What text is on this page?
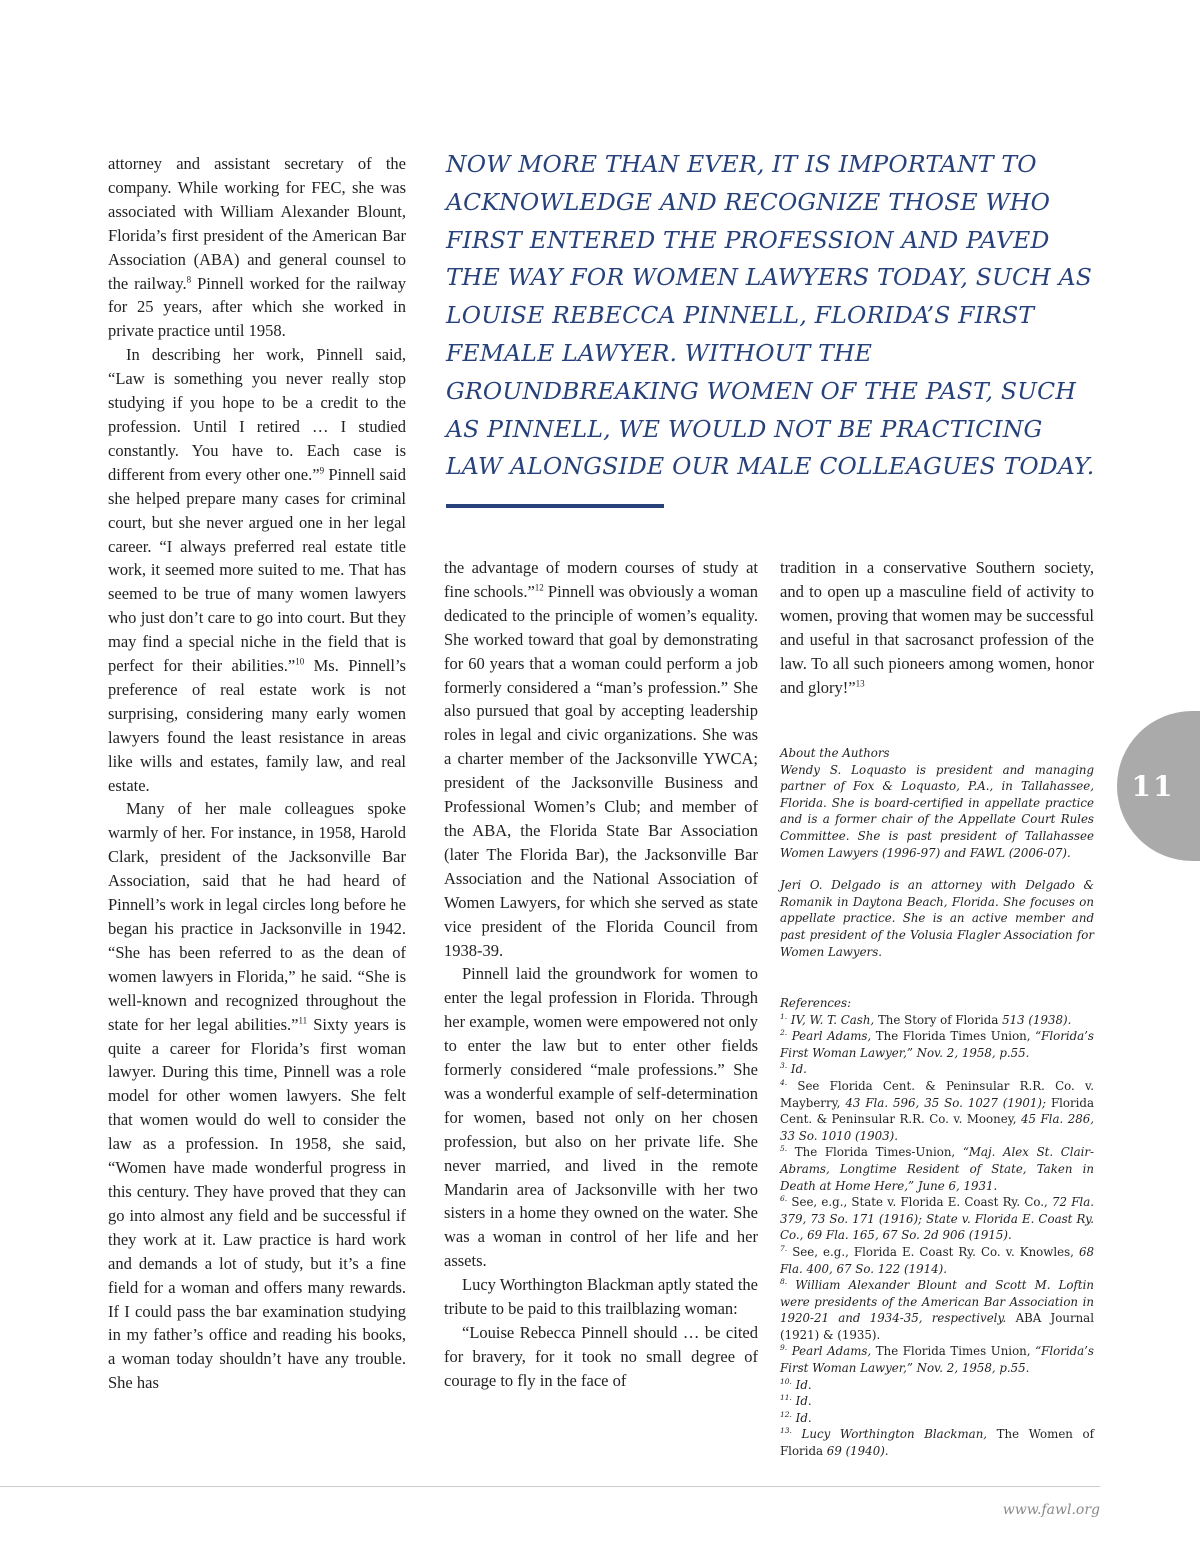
attorney and assistant secretary of the company. While working for FEC, she was associated with William Alexander Blount, Florida’s first president of the American Bar Association (ABA) and general counsel to the railway.$^8$ Pinnell worked for the railway for 25 years, after which she worked in private practice until 1958.

In describing her work, Pinnell said, “Law is something you never really stop studying if you hope to be a credit to the profession. Until I retired … I studied constantly. You have to. Each case is different from every other one.”$^9$ Pinnell said she helped prepare many cases for criminal court, but she never argued one in her legal career. “I always preferred real estate title work, it seemed more suited to me. That has seemed to be true of many women lawyers who just don’t care to go into court. But they may find a special niche in the field that is perfect for their abilities.”$^{10}$ Ms. Pinnell’s preference of real estate work is not surprising, considering many early women lawyers found the least resistance in areas like wills and estates, family law, and real estate.

Many of her male colleagues spoke warmly of her. For instance, in 1958, Harold Clark, president of the Jacksonville Bar Association, said that he had heard of Pinnell’s work in legal circles long before he began his practice in Jacksonville in 1942. “She has been referred to as the dean of women lawyers in Florida,” he said. “She is well-known and recognized throughout the state for her legal abilities.”$^{11}$ Sixty years is quite a career for Florida’s first woman lawyer. During this time, Pinnell was a role model for other women lawyers. She felt that women would do well to consider the law as a profession. In 1958, she said, “Women have made wonderful progress in this century. They have proved that they can go into almost any field and be successful if they work at it. Law practice is hard work and demands a lot of study, but it’s a fine field for a woman and offers many rewards. If I could pass the bar examination studying in my father’s office and reading his books, a woman today shouldn’t have any trouble. She has

NOW MORE THAN EVER, IT IS IMPORTANT TO ACKNOWLEDGE AND RECOGNIZE THOSE WHO FIRST ENTERED THE PROFESSION AND PAVED THE WAY FOR WOMEN LAWYERS TODAY, SUCH AS LOUISE REBECCA PINNELL, FLORIDA’S FIRST FEMALE LAWYER. WITHOUT THE GROUNDBREAKING WOMEN OF THE PAST, SUCH AS PINNELL, WE WOULD NOT BE PRACTICING LAW ALONGSIDE OUR MALE COLLEAGUES TODAY.

the advantage of modern courses of study at fine schools.”$^{12}$ Pinnell was obviously a woman dedicated to the principle of women’s equality. She worked toward that goal by demonstrating for 60 years that a woman could perform a job formerly considered a “man’s profession.” She also pursued that goal by accepting leadership roles in legal and civic organizations. She was a charter member of the Jacksonville YWCA; president of the Jacksonville Business and Professional Women’s Club; and member of the ABA, the Florida State Bar Association (later The Florida Bar), the Jacksonville Bar Association and the National Association of Women Lawyers, for which she served as state vice president of the Florida Council from 1938-39.

Pinnell laid the groundwork for women to enter the legal profession in Florida. Through her example, women were empowered not only to enter the law but to enter other fields formerly considered “male professions.” She was a wonderful example of self-determination for women, based not only on her chosen profession, but also on her private life. She never married, and lived in the remote Mandarin area of Jacksonville with her two sisters in a home they owned on the water. She was a woman in control of her life and her assets.

Lucy Worthington Blackman aptly stated the tribute to be paid to this trailblazing woman:

“Louise Rebecca Pinnell should … be cited for bravery, for it took no small degree of courage to fly in the face of

tradition in a conservative Southern society, and to open up a masculine field of activity to women, proving that women may be successful and useful in that sacrosanct profession of the law. To all such pioneers among women, honor and glory!”$^{13}$

About the Authors

Wendy S. Loquasto is president and managing partner of Fox & Loquasto, P.A., in Tallahassee, Florida. She is board-certified in appellate practice and is a former chair of the Appellate Court Rules Committee. She is past president of Tallahassee Women Lawyers (1996-97) and FAWL (2006-07).

Jeri O. Delgado is an attorney with Delgado & Romanik in Daytona Beach, Florida. She focuses on appellate practice. She is an active member and past president of the Volusia Flagler Association for Women Lawyers.

References:

$^{1.}$ IV, W. T. Cash, The Story of Florida 513 (1938).

$^{2.}$ Pearl Adams, The Florida Times Union, “Florida’s First Woman Lawyer,” Nov. 2, 1958, p.55.

$^{3.}$ Id.

$^{4.}$ See Florida Cent. & Peninsular R.R. Co. v. Mayberry, 43 Fla. 596, 35 So. 1027 (1901); Florida Cent. & Peninsular R.R. Co. v. Mooney, 45 Fla. 286, 33 So. 1010 (1903).

$^{5.}$ The Florida Times-Union, “Maj. Alex St. Clair-Abrams, Longtime Resident of State, Taken in Death at Home Here,” June 6, 1931.

$^{6.}$ See, e.g., State v. Florida E. Coast Ry. Co., 72 Fla. 379, 73 So. 171 (1916); State v. Florida E. Coast Ry. Co., 69 Fla. 165, 67 So. 2d 906 (1915).

$^{7.}$ See, e.g., Florida E. Coast Ry. Co. v. Knowles, 68 Fla. 400, 67 So. 122 (1914).

$^{8.}$ William Alexander Blount and Scott M. Loftin were presidents of the American Bar Association in 1920-21 and 1934-35, respectively. ABA Journal (1921) & (1935).

$^{9.}$ Pearl Adams, The Florida Times Union, “Florida’s First Woman Lawyer,” Nov. 2, 1958, p.55.

$^{10.}$ Id.

$^{11.}$ Id.

$^{12.}$ Id.

$^{13.}$ Lucy Worthington Blackman, The Women of Florida 69 (1940).

11
www.fawl.org
